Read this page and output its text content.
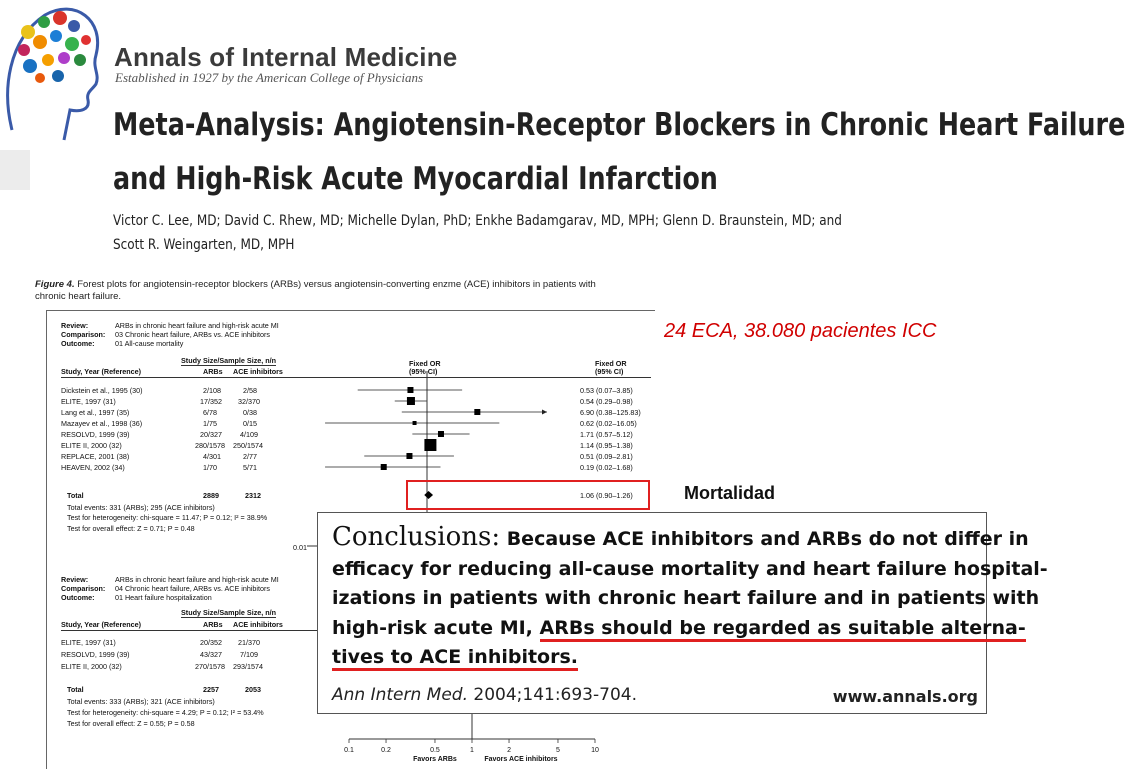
Annals of Internal Medicine
Established in 1927 by the American College of Physicians
Meta-Analysis: Angiotensin-Receptor Blockers in Chronic Heart Failure
and High-Risk Acute Myocardial Infarction
Victor C. Lee, MD; David C. Rhew, MD; Michelle Dylan, PhD; Enkhe Badamgarav, MD, MPH; Glenn D. Braunstein, MD; and
Scott R. Weingarten, MD, MPH
Figure 4. Forest plots for angiotensin-receptor blockers (ARBs) versus angiotensin-converting enzme (ACE) inhibitors in patients with
chronic heart failure.
Review:	ARBs in chronic heart failure and high-risk acute MI
Comparison: 03 Chronic heart failure, ARBs vs. ACE inhibitors
Outcome:	01 All-cause mortality
Study Size/Sample Size, n/n	Fixed OR
(95% CI)
Fixed OR
(95% CI)
Study, Year (Reference)	ARBs ACE inhibitors
Dickstein et al., 1995 (30)	2/108	2/58	0.53 (0.07–3.85)
ELITE, 1997 (31)	17/352 32/370	0.54 (0.29–0.98)
Lang et al., 1997 (35)	6/78	0/38	6.90 (0.38–125.83)
Mazayev et al., 1998 (36)	1/75	0/15	0.62 (0.02–16.05)
RESOLVD, 1999 (39)	20/327	4/109	1.71 (0.57–5.12)
ELITE II, 2000 (32)	280/1578 250/1574	1.14 (0.95–1.38)
REPLACE, 2001 (38)	4/301	2/77	0.51 (0.09–2.81)
HEAVEN, 2002 (34)	1/70	5/71	0.19 (0.02–1.68)
Total	2889	2312	1.06 (0.90–1.26)
Total events: 331 (ARBs); 295 (ACE inhibitors)
Test for heterogeneity: chi-square = 11.47; P = 0.12; I² = 38.9%
Test for overall effect: Z = 0.71; P = 0.48
0.01
Review:	ARBs in chronic heart failure and high-risk acute MI
Comparison: 04 Chronic heart failure, ARBs vs. ACE inhibitors
Outcome:	01 Heart failure hospitalization
Study Size/Sample Size, n/n
Study, Year (Reference)	ARBs ACE inhibitors
ELITE, 1997 (31)	20/352 21/370
RESOLVD, 1999 (39)	43/327	7/109
ELITE II, 2000 (32)	270/1578 293/1574
Total	2257	2053
Total events: 333 (ARBs); 321 (ACE inhibitors)
Test for heterogeneity: chi-square = 4.29; P = 0.12; I² = 53.4%
Test for overall effect: Z = 0.55; P = 0.58
0.1	0.2	0.5	1	2	5	10
Favors ARBs	Favors ACE inhibitors
24 ECA, 38.080 pacientes ICC
Mortalidad
Conclusions: Because ACE inhibitors and ARBs do not differ in
efficacy for reducing all-cause mortality and heart failure hospital-
izations in patients with chronic heart failure and in patients with
high-risk acute MI, ARBs should be regarded as suitable alterna-
tives to ACE inhibitors.
Ann Intern Med. 2004;141:693-704.	www.annals.org
